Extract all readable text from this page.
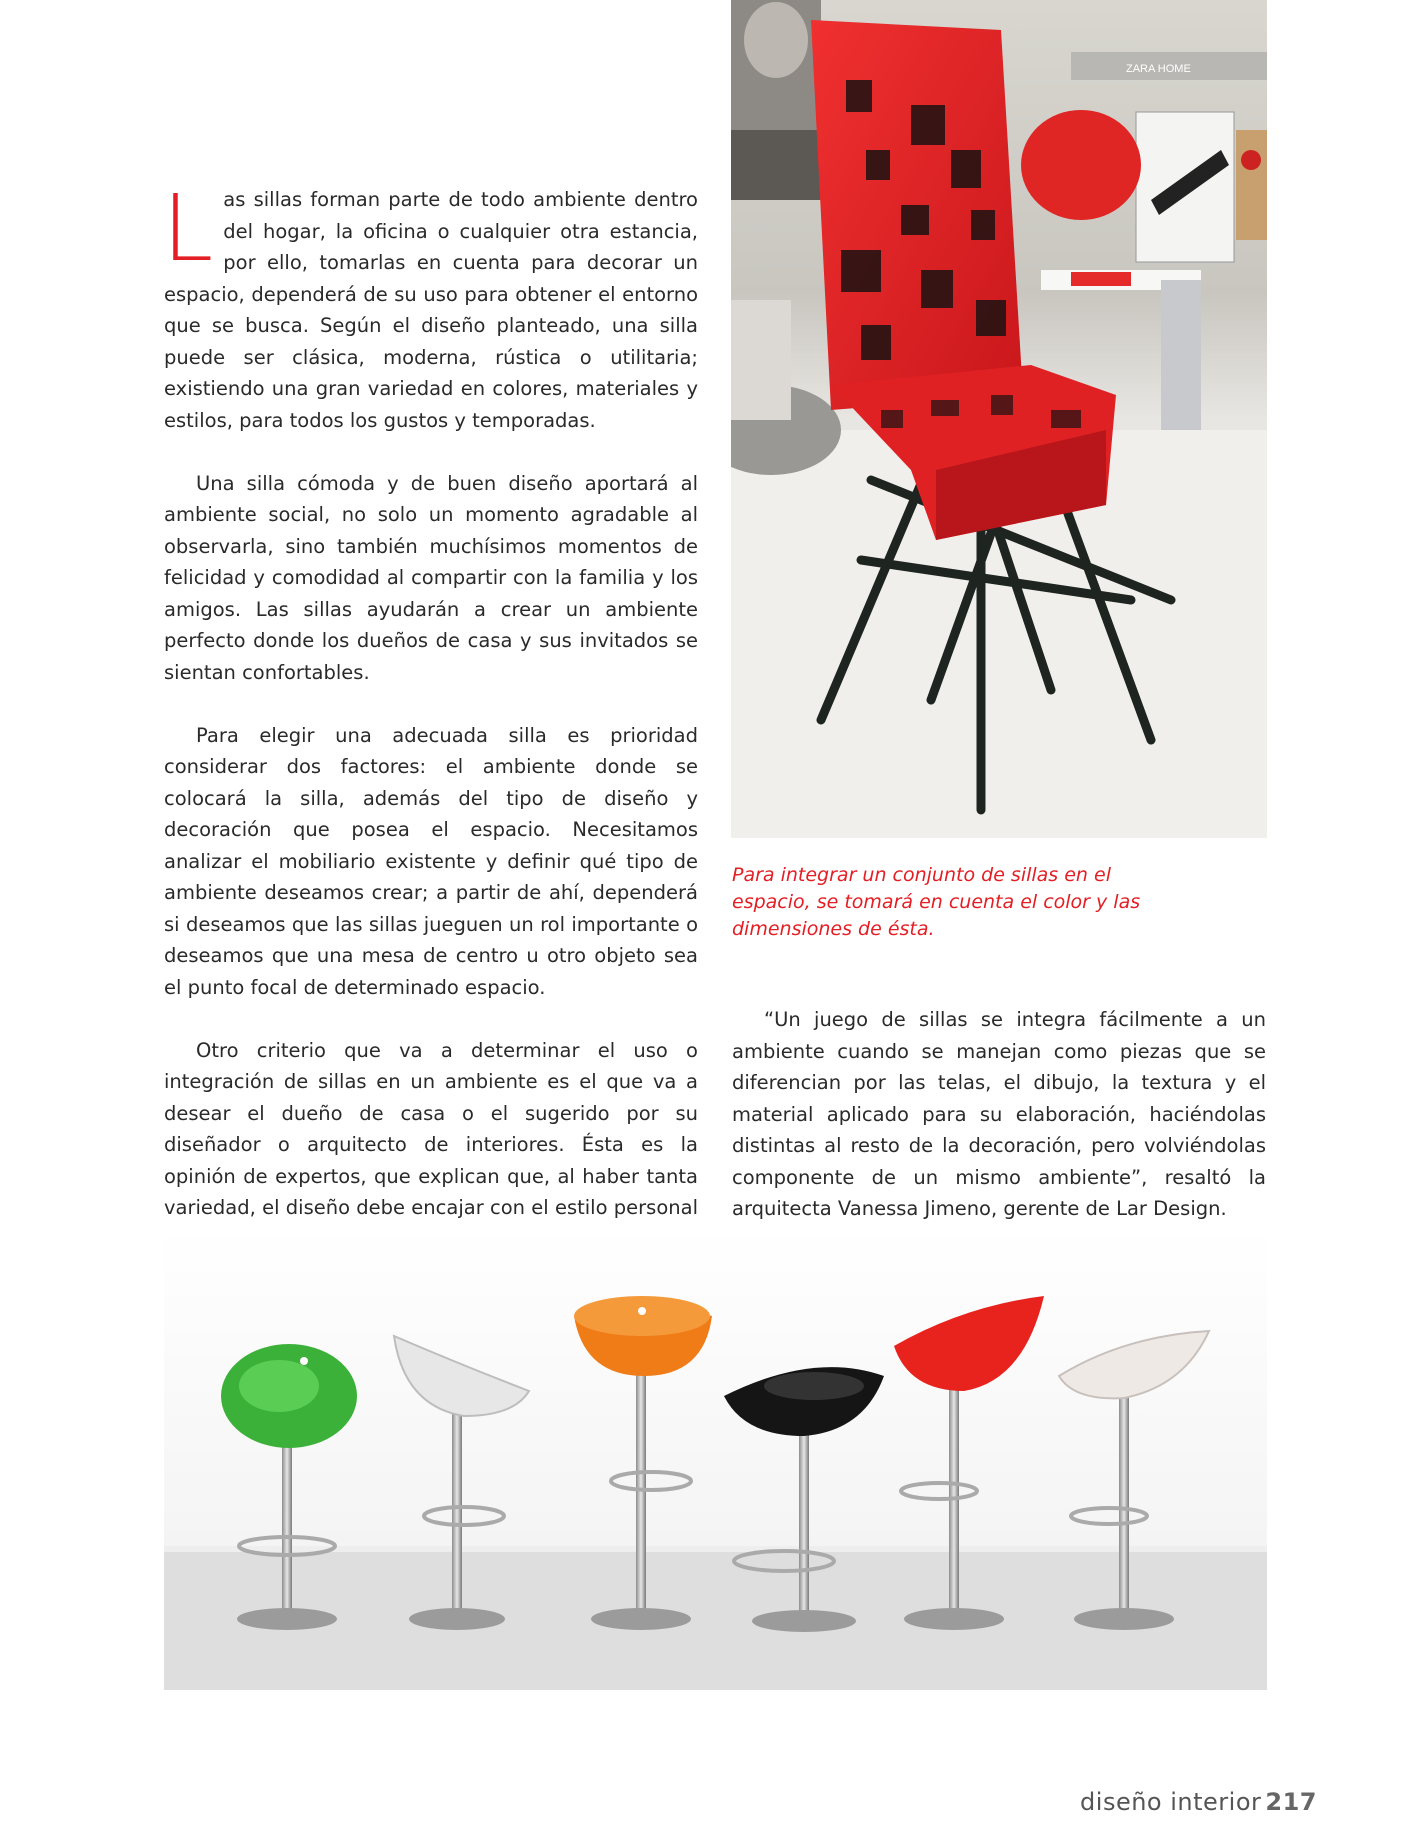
ZARA HOME

Las sillas forman parte de todo ambiente dentro del hogar, la oficina o cualquier otra estancia, por ello, tomarlas en cuenta para decorar un espacio, dependerá de su uso para obtener el entorno que se busca. Según el diseño planteado, una silla puede ser clásica, moderna, rústica o utilitaria; existiendo una gran variedad en colores, materiales y estilos, para todos los gustos y temporadas.

Una silla cómoda y de buen diseño aportará al ambiente social, no solo un momento agradable al observarla, sino también muchísimos momentos de felicidad y comodidad al compartir con la familia y los amigos. Las sillas ayudarán a crear un ambiente perfecto donde los dueños de casa y sus invitados se sientan confortables.

Para elegir una adecuada silla es prioridad considerar dos factores: el ambiente donde se colocará la silla, además del tipo de diseño y decoración que posea el espacio. Necesitamos analizar el mobiliario existente y definir qué tipo de ambiente deseamos crear; a partir de ahí, dependerá si deseamos que las sillas jueguen un rol importante o deseamos que una mesa de centro u otro objeto sea el punto focal de determinado espacio.

Otro criterio que va a determinar el uso o integración de sillas en un ambiente es el que va a desear el dueño de casa o el sugerido por su diseñador o arquitecto de interiores. Ésta es la opinión de expertos, que explican que, al haber tanta variedad, el diseño debe encajar con el estilo personal

Para integrar un conjunto de sillas en el espacio, se tomará en cuenta el color y las dimensiones de ésta.

“Un juego de sillas se integra fácilmente a un ambiente cuando se manejan como piezas que se diferencian por las telas, el dibujo, la textura y el material aplicado para su elaboración, haciéndolas distintas al resto de la decoración, pero volviéndolas componente de un mismo ambiente”, resaltó la arquitecta Vanessa Jimeno, gerente de Lar Design.

diseño interior 217
